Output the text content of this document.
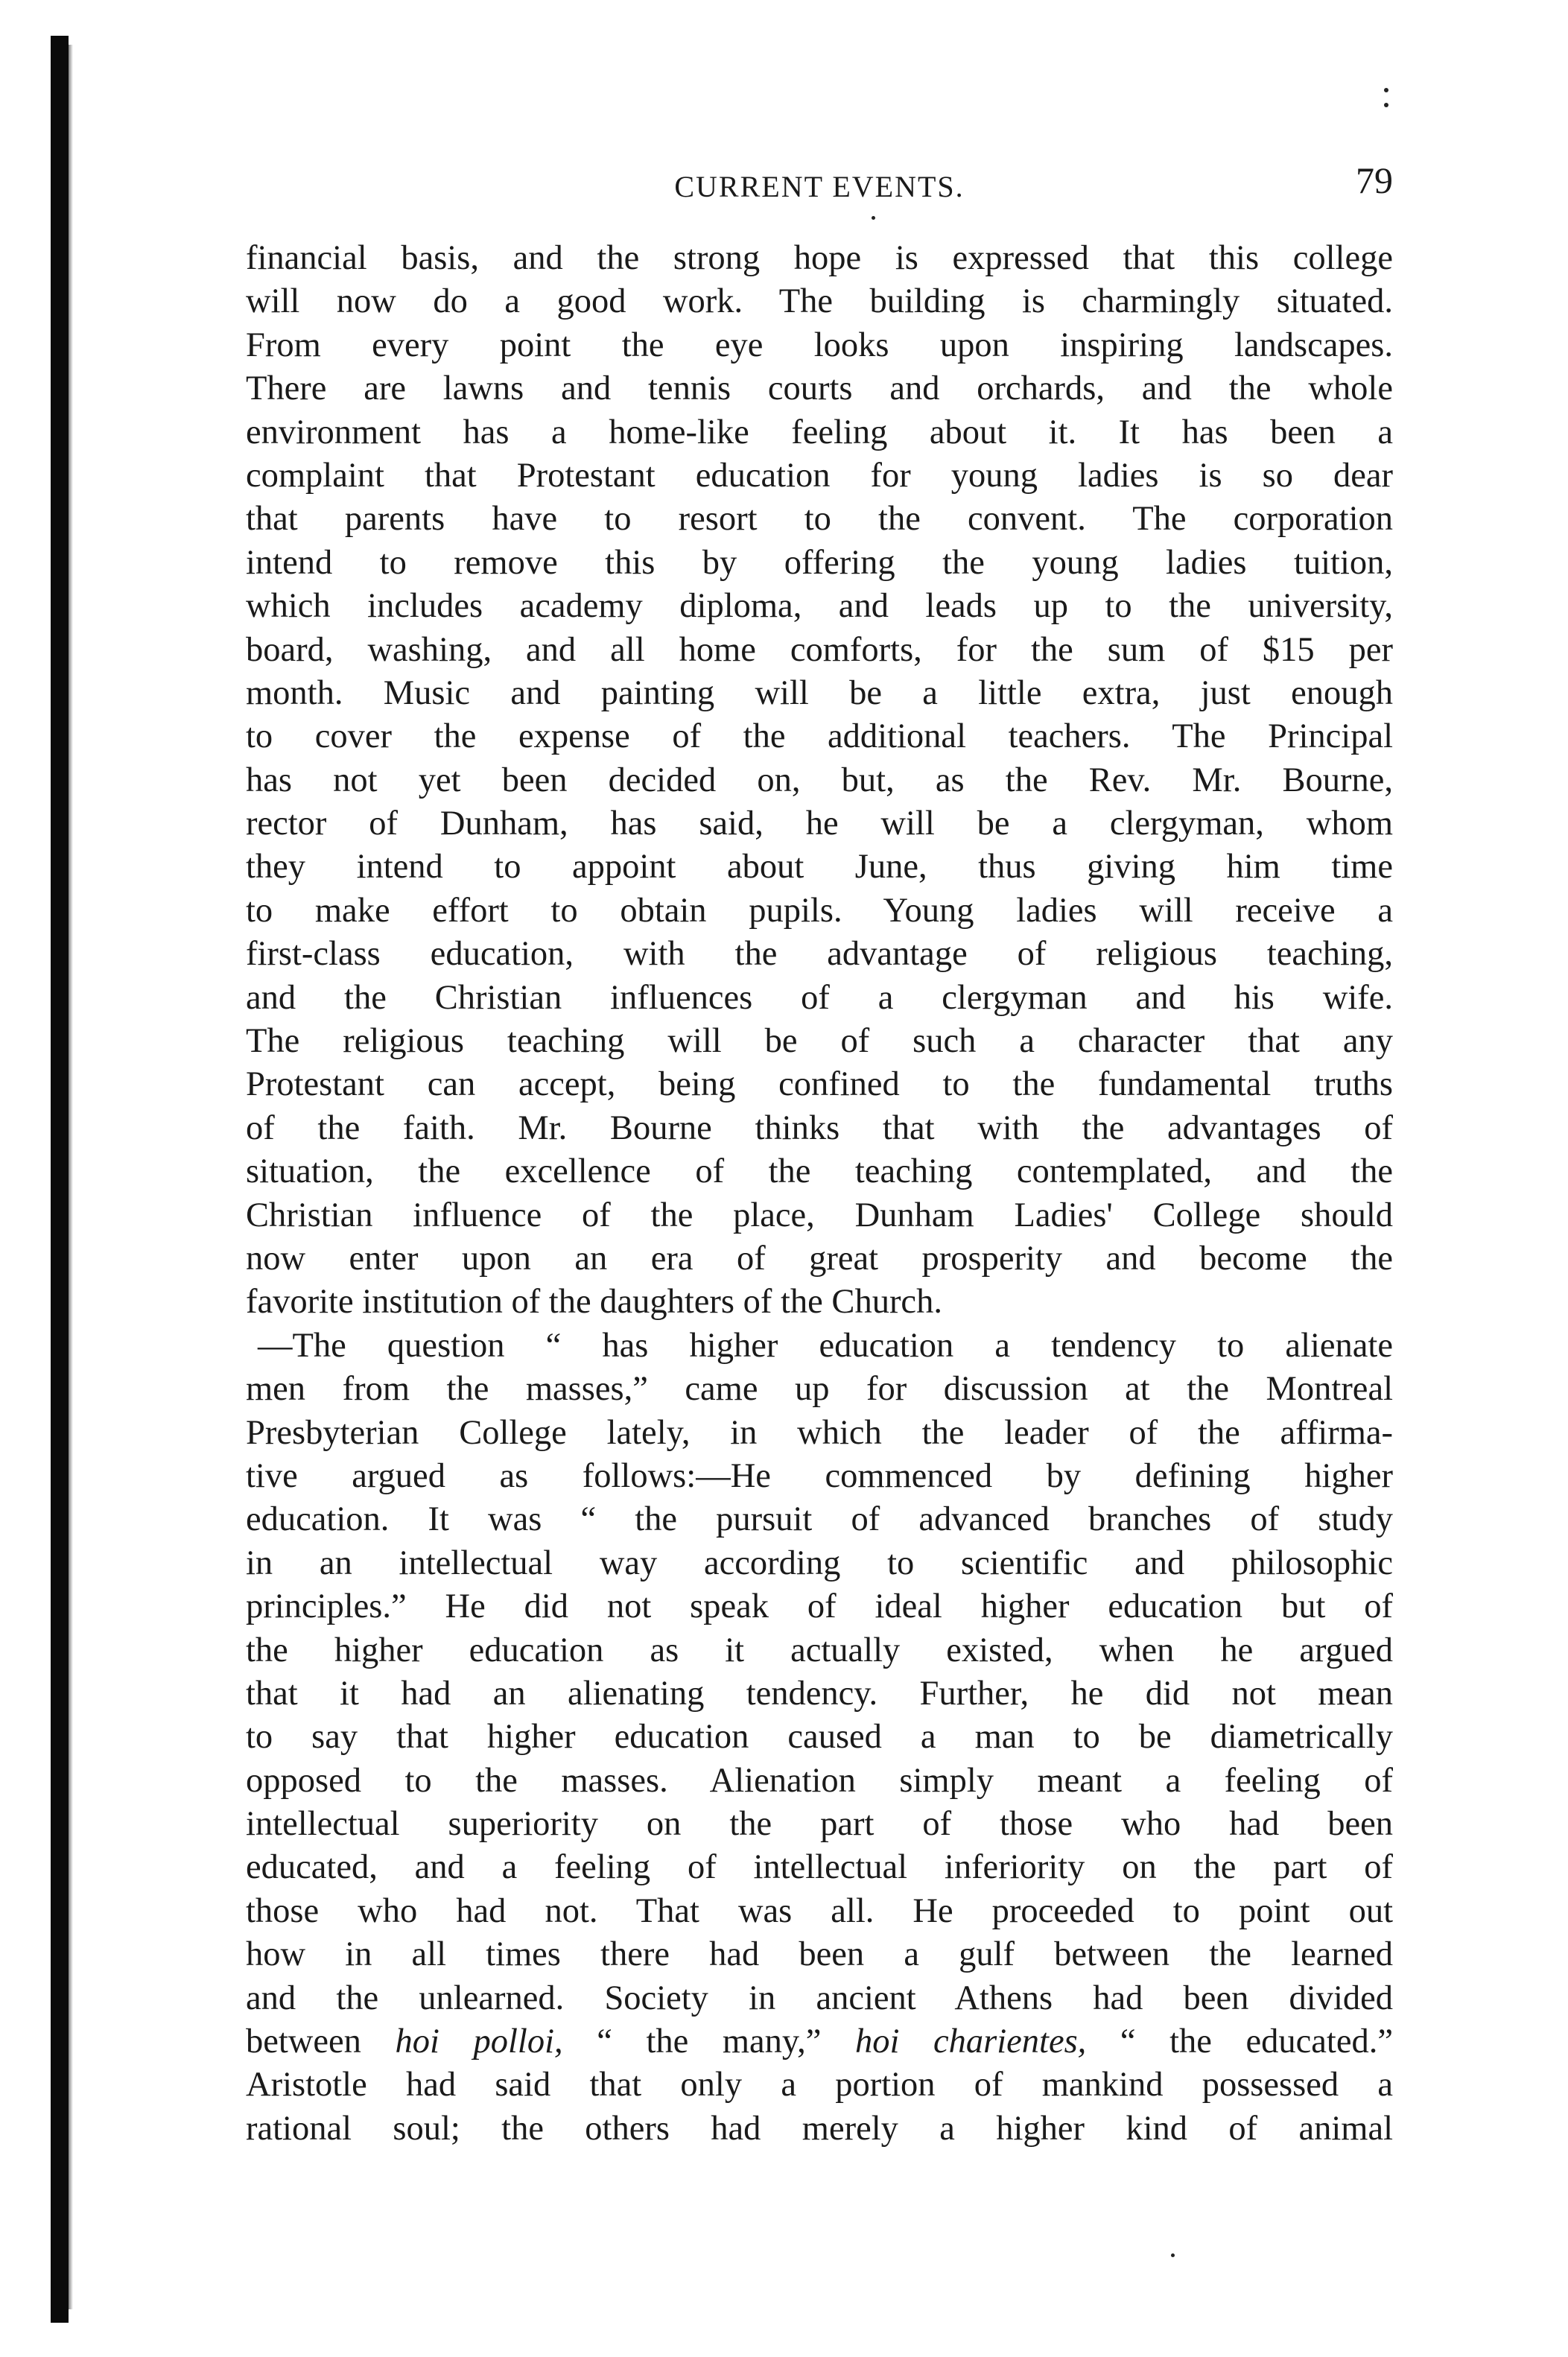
CURRENT EVENTS.	79
financial basis, and the strong hope is expressed that this college
will now do a good work. The building is charmingly situated.
From every point the eye looks upon inspiring landscapes.
There are lawns and tennis courts and orchards, and the whole
environment has a home-like feeling about it. It has been a
complaint that Protestant education for young ladies is so dear
that parents have to resort to the convent. The corporation
intend to remove this by offering the young ladies tuition,
which includes academy diploma, and leads up to the university,
board, washing, and all home comforts, for the sum of $15 per
month. Music and painting will be a little extra, just enough
to cover the expense of the additional teachers. The Principal
has not yet been decided on, but, as the Rev. Mr. Bourne,
rector of Dunham, has said, he will be a clergyman, whom
they intend to appoint about June, thus giving him time
to make effort to obtain pupils. Young ladies will receive a
first-class education, with the advantage of religious teaching,
and the Christian influences of a clergyman and his wife.
The religious teaching will be of such a character that any
Protestant can accept, being confined to the fundamental truths
of the faith. Mr. Bourne thinks that with the advantages of
situation, the excellence of the teaching contemplated, and the
Christian influence of the place, Dunham Ladies' College should
now enter upon an era of great prosperity and become the
favorite institution of the daughters of the Church.
—The question “ has higher education a tendency to alienate
men from the masses,” came up for discussion at the Montreal
Presbyterian College lately, in which the leader of the affirma-
tive argued as follows:—He commenced by defining higher
education. It was “ the pursuit of advanced branches of study
in an intellectual way according to scientific and philosophic
principles.” He did not speak of ideal higher education but of
the higher education as it actually existed, when he argued
that it had an alienating tendency. Further, he did not mean
to say that higher education caused a man to be diametrically
opposed to the masses. Alienation simply meant a feeling of
intellectual superiority on the part of those who had been
educated, and a feeling of intellectual inferiority on the part of
those who had not. That was all. He proceeded to point out
how in all times there had been a gulf between the learned
and the unlearned. Society in ancient Athens had been divided
between hoi polloi, “ the many,” hoi charientes, “ the educated.”
Aristotle had said that only a portion of mankind possessed a
rational soul; the others had merely a higher kind of animal
